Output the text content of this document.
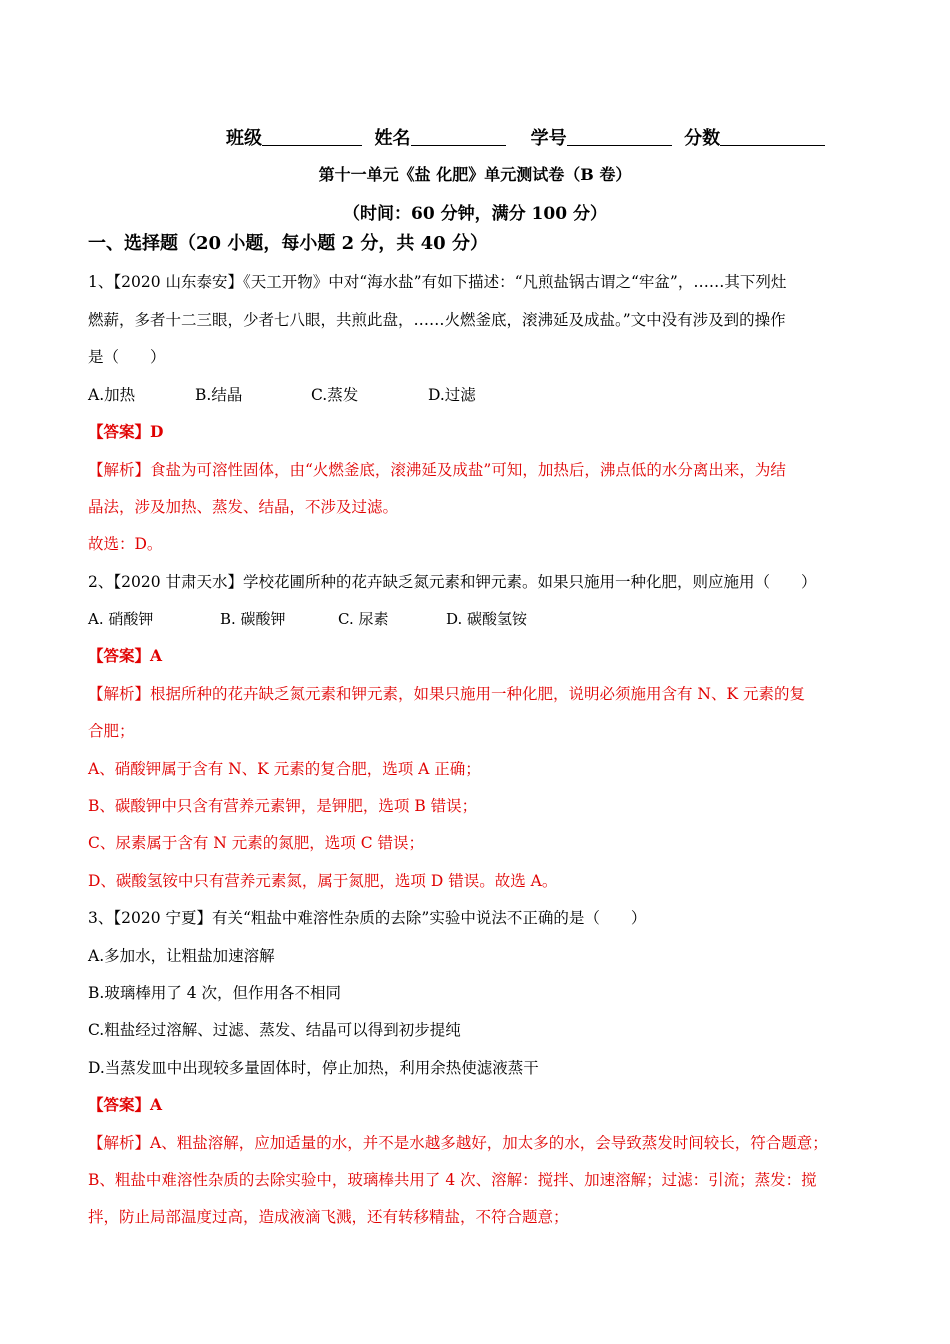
班级	姓名	学号	分数
第十一单元《盐 化肥》单元测试卷（B 卷）
（时间：60 分钟，满分 100 分）
一、选择题（20 小题，每小题 2 分，共 40 分）
1、【2020 山东泰安】《天工开物》中对“海水盐”有如下描述：“凡煎盐锅古谓之“牢盆”，……其下列灶
燃薪，多者十二三眼，少者七八眼，共煎此盘，……火燃釜底，滚沸延及成盐。”文中没有涉及到的操作
是（　　）
A.加热	B.结晶	C.蒸发	D.过滤
【答案】D
【解析】食盐为可溶性固体，由“火燃釜底，滚沸延及成盐”可知，加热后，沸点低的水分离出来，为结
晶法，涉及加热、蒸发、结晶，不涉及过滤。
故选：D。
2、【2020 甘肃天水】学校花圃所种的花卉缺乏氮元素和钾元素。如果只施用一种化肥，则应施用（　　）
A. 硝酸钾	B. 碳酸钾	C. 尿素	D. 碳酸氢铵
【答案】A
【解析】根据所种的花卉缺乏氮元素和钾元素，如果只施用一种化肥，说明必须施用含有 N、K 元素的复
合肥；
A、硝酸钾属于含有 N、K 元素的复合肥，选项 A 正确；
B、碳酸钾中只含有营养元素钾，是钾肥，选项 B 错误；
C、尿素属于含有 N 元素的氮肥，选项 C 错误；
D、碳酸氢铵中只有营养元素氮，属于氮肥，选项 D 错误。故选 A。
3、【2020 宁夏】有关“粗盐中难溶性杂质的去除”实验中说法不正确的是（　　）
A.多加水，让粗盐加速溶解
B.玻璃棒用了 4 次，但作用各不相同
C.粗盐经过溶解、过滤、蒸发、结晶可以得到初步提纯
D.当蒸发皿中出现较多量固体时，停止加热，利用余热使滤液蒸干
【答案】A
【解析】A、粗盐溶解，应加适量的水，并不是水越多越好，加太多的水，会导致蒸发时间较长，符合题意；
B、粗盐中难溶性杂质的去除实验中，玻璃棒共用了 4 次、溶解：搅拌、加速溶解；过滤：引流；蒸发：搅
拌，防止局部温度过高，造成液滴飞溅，还有转移精盐，不符合题意；
